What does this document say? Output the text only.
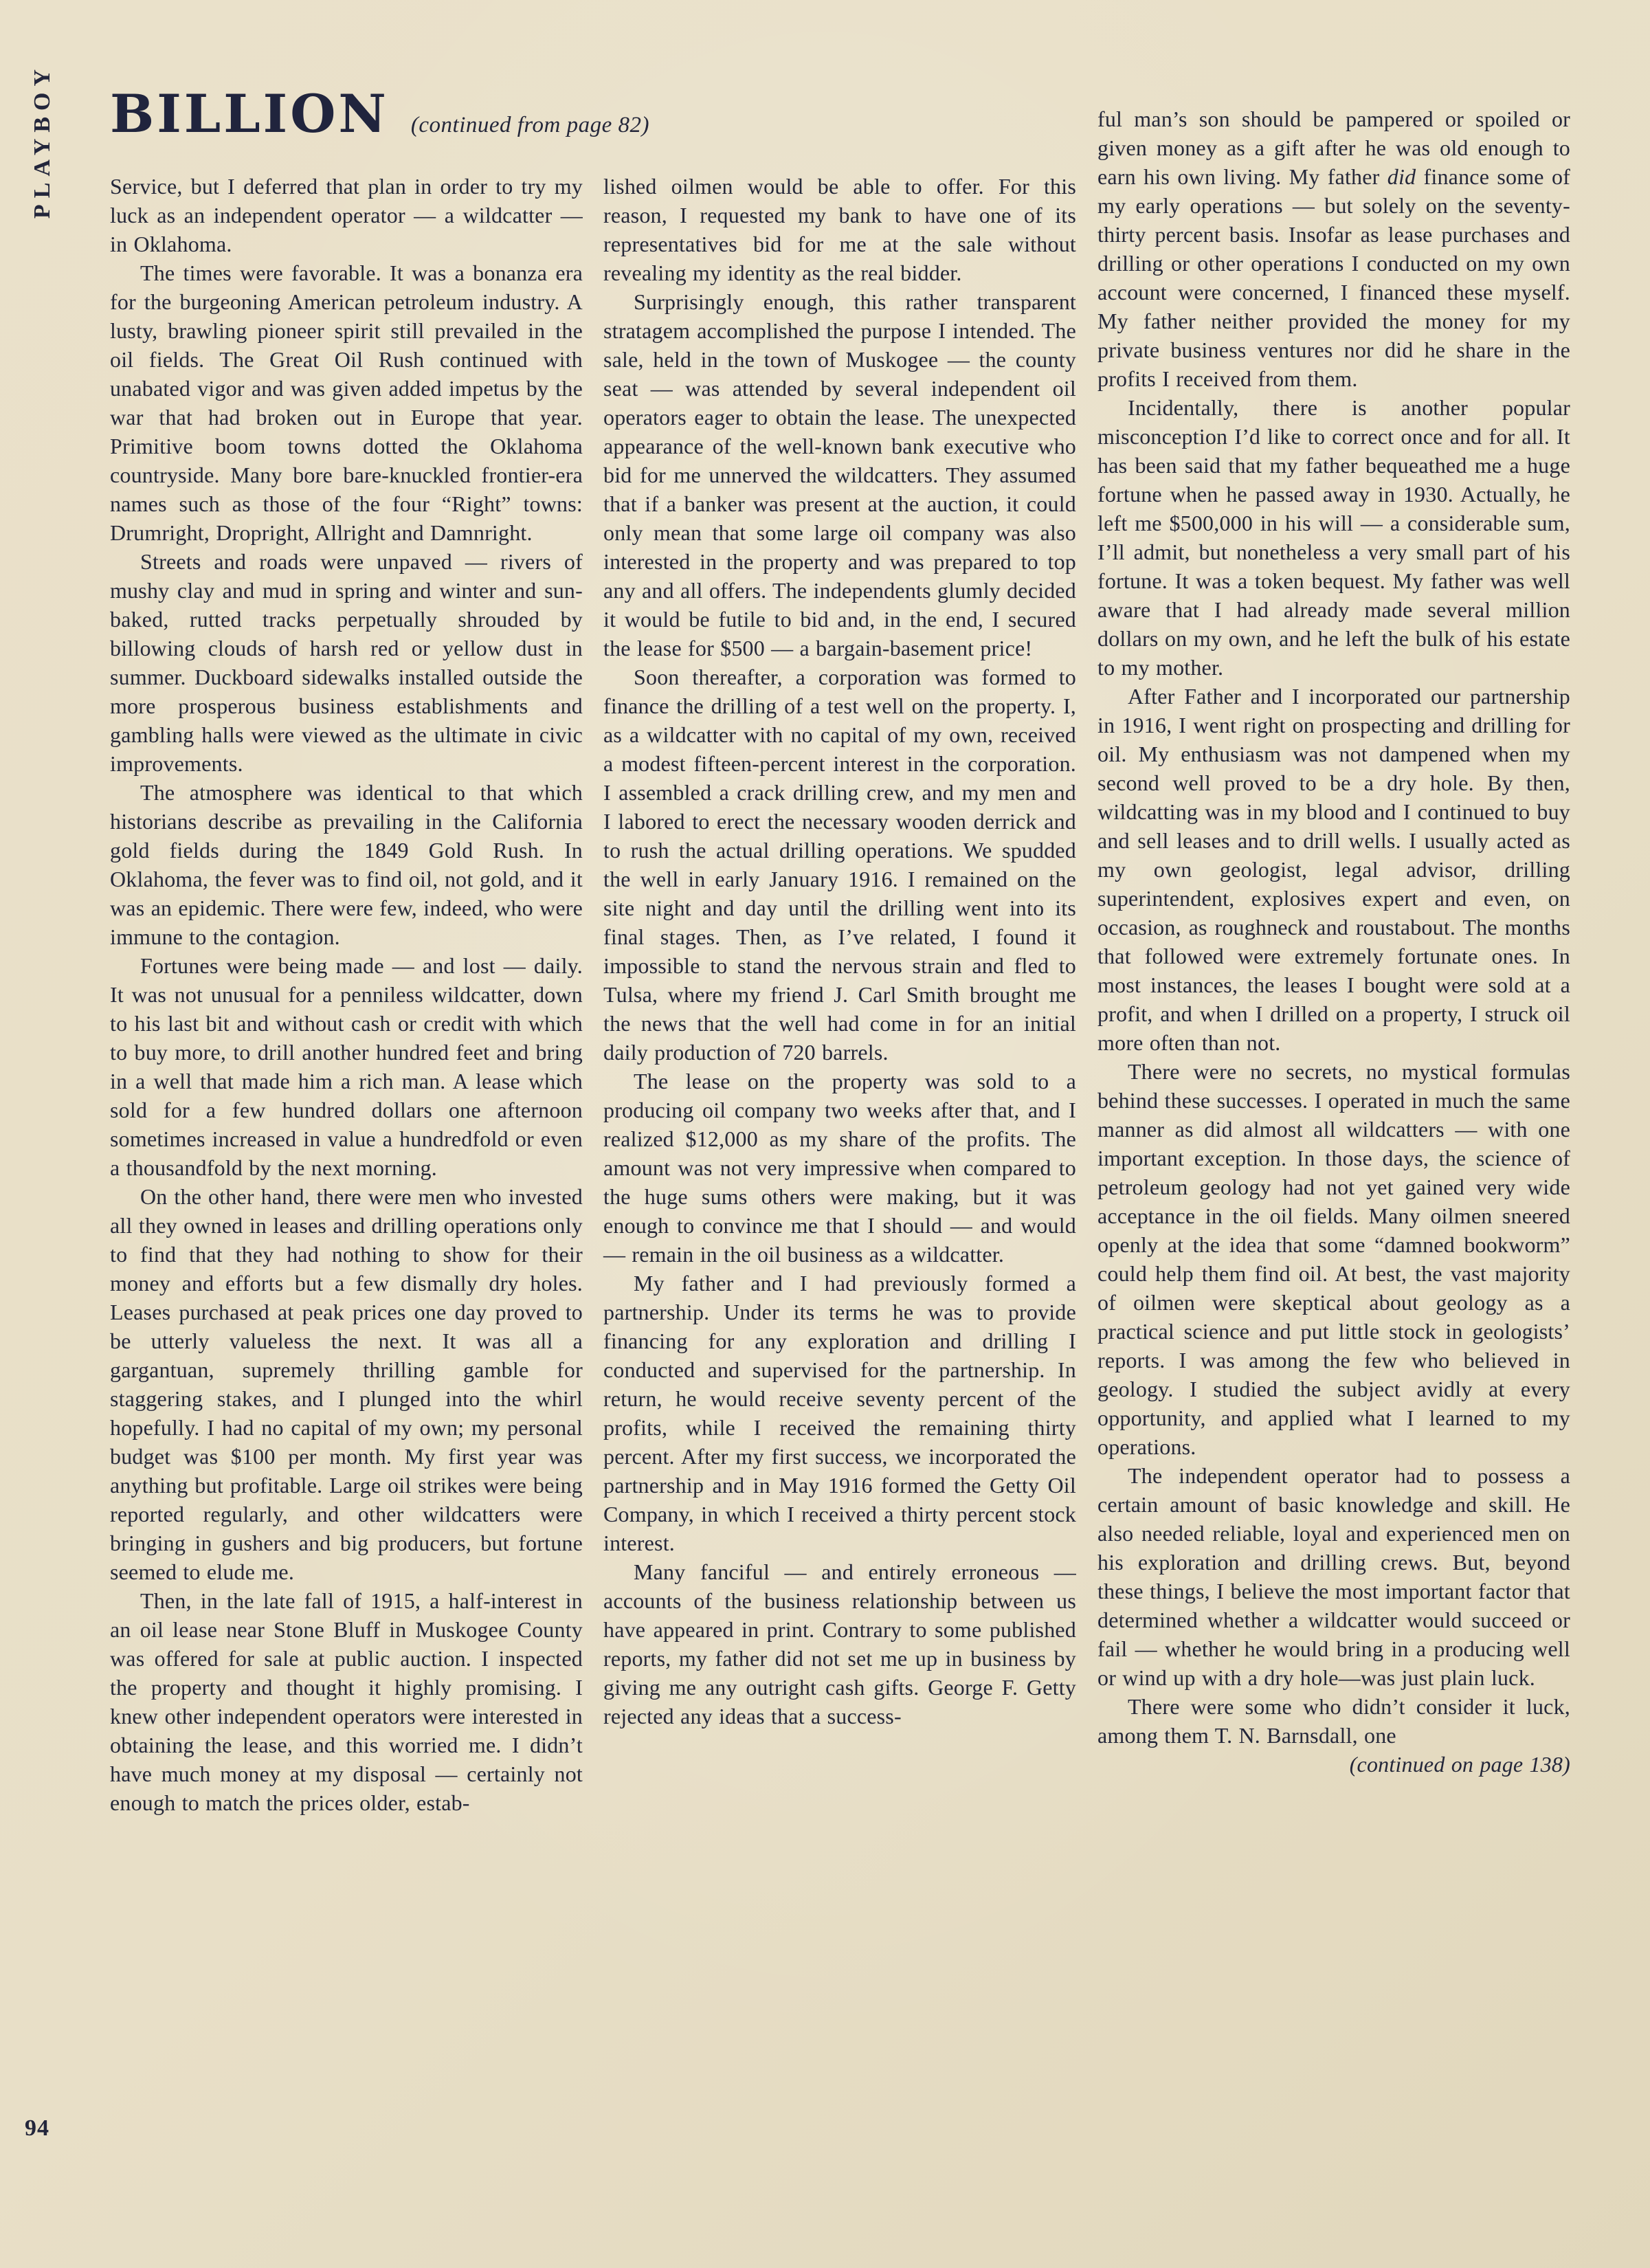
PLAYBOY BILLION (continued from page 82)

Service, but I deferred that plan in order to try my luck as an independent operator — a wildcatter — in Oklahoma.

The times were favorable. It was a bonanza era for the burgeoning American petroleum industry. A lusty, brawling pioneer spirit still prevailed in the oil fields. The Great Oil Rush continued with unabated vigor and was given added impetus by the war that had broken out in Europe that year. Primitive boom towns dotted the Oklahoma countryside. Many bore bare-knuckled frontier-era names such as those of the four “Right” towns: Drumright, Dropright, Allright and Damnright.

Streets and roads were unpaved — rivers of mushy clay and mud in spring and winter and sun-baked, rutted tracks perpetually shrouded by billowing clouds of harsh red or yellow dust in summer. Duckboard sidewalks installed outside the more prosperous business establishments and gambling halls were viewed as the ultimate in civic improvements.

The atmosphere was identical to that which historians describe as prevailing in the California gold fields during the 1849 Gold Rush. In Oklahoma, the fever was to find oil, not gold, and it was an epidemic. There were few, indeed, who were immune to the contagion.

Fortunes were being made — and lost — daily. It was not unusual for a penniless wildcatter, down to his last bit and without cash or credit with which to buy more, to drill another hundred feet and bring in a well that made him a rich man. A lease which sold for a few hundred dollars one afternoon sometimes increased in value a hundredfold or even a thousandfold by the next morning.

On the other hand, there were men who invested all they owned in leases and drilling operations only to find that they had nothing to show for their money and efforts but a few dismally dry holes. Leases purchased at peak prices one day proved to be utterly valueless the next. It was all a gargantuan, supremely thrilling gamble for staggering stakes, and I plunged into the whirl hopefully. I had no capital of my own; my personal budget was $100 per month. My first year was anything but profitable. Large oil strikes were being reported regularly, and other wildcatters were bringing in gushers and big producers, but fortune seemed to elude me.

Then, in the late fall of 1915, a half-interest in an oil lease near Stone Bluff in Muskogee County was offered for sale at public auction. I inspected the property and thought it highly promising. I knew other independent operators were interested in obtaining the lease, and this worried me. I didn’t have much money at my disposal — certainly not enough to match the prices older, estab-

lished oilmen would be able to offer. For this reason, I requested my bank to have one of its representatives bid for me at the sale without revealing my identity as the real bidder.

Surprisingly enough, this rather transparent stratagem accomplished the purpose I intended. The sale, held in the town of Muskogee — the county seat — was attended by several independent oil operators eager to obtain the lease. The unexpected appearance of the well-known bank executive who bid for me unnerved the wildcatters. They assumed that if a banker was present at the auction, it could only mean that some large oil company was also interested in the property and was prepared to top any and all offers. The independents glumly decided it would be futile to bid and, in the end, I secured the lease for $500 — a bargain-basement price!

Soon thereafter, a corporation was formed to finance the drilling of a test well on the property. I, as a wildcatter with no capital of my own, received a modest fifteen-percent interest in the corporation. I assembled a crack drilling crew, and my men and I labored to erect the necessary wooden derrick and to rush the actual drilling operations. We spudded the well in early January 1916. I remained on the site night and day until the drilling went into its final stages. Then, as I’ve related, I found it impossible to stand the nervous strain and fled to Tulsa, where my friend J. Carl Smith brought me the news that the well had come in for an initial daily production of 720 barrels.

The lease on the property was sold to a producing oil company two weeks after that, and I realized $12,000 as my share of the profits. The amount was not very impressive when compared to the huge sums others were making, but it was enough to convince me that I should — and would — remain in the oil business as a wildcatter.

My father and I had previously formed a partnership. Under its terms he was to provide financing for any exploration and drilling I conducted and supervised for the partnership. In return, he would receive seventy percent of the profits, while I received the remaining thirty percent. After my first success, we incorporated the partnership and in May 1916 formed the Getty Oil Company, in which I received a thirty percent stock interest.

Many fanciful — and entirely erroneous — accounts of the business relationship between us have appeared in print. Contrary to some published reports, my father did not set me up in business by giving me any outright cash gifts. George F. Getty rejected any ideas that a success-

ful man’s son should be pampered or spoiled or given money as a gift after he was old enough to earn his own living. My father did finance some of my early operations — but solely on the seventy-thirty percent basis. Insofar as lease purchases and drilling or other operations I conducted on my own account were concerned, I financed these myself. My father neither provided the money for my private business ventures nor did he share in the profits I received from them.

Incidentally, there is another popular misconception I’d like to correct once and for all. It has been said that my father bequeathed me a huge fortune when he passed away in 1930. Actually, he left me $500,000 in his will — a considerable sum, I’ll admit, but nonetheless a very small part of his fortune. It was a token bequest. My father was well aware that I had already made several million dollars on my own, and he left the bulk of his estate to my mother.

After Father and I incorporated our partnership in 1916, I went right on prospecting and drilling for oil. My enthusiasm was not dampened when my second well proved to be a dry hole. By then, wildcatting was in my blood and I continued to buy and sell leases and to drill wells. I usually acted as my own geologist, legal advisor, drilling superintendent, explosives expert and even, on occasion, as roughneck and roustabout. The months that followed were extremely fortunate ones. In most instances, the leases I bought were sold at a profit, and when I drilled on a property, I struck oil more often than not.

There were no secrets, no mystical formulas behind these successes. I operated in much the same manner as did almost all wildcatters — with one important exception. In those days, the science of petroleum geology had not yet gained very wide acceptance in the oil fields. Many oilmen sneered openly at the idea that some “damned bookworm” could help them find oil. At best, the vast majority of oilmen were skeptical about geology as a practical science and put little stock in geologists’ reports. I was among the few who believed in geology. I studied the subject avidly at every opportunity, and applied what I learned to my operations.

The independent operator had to possess a certain amount of basic knowledge and skill. He also needed reliable, loyal and experienced men on his exploration and drilling crews. But, beyond these things, I believe the most important factor that determined whether a wildcatter would succeed or fail — whether he would bring in a producing well or wind up with a dry hole—was just plain luck.

There were some who didn’t consider it luck, among them T. N. Barnsdall, one

(continued on page 138)

94
